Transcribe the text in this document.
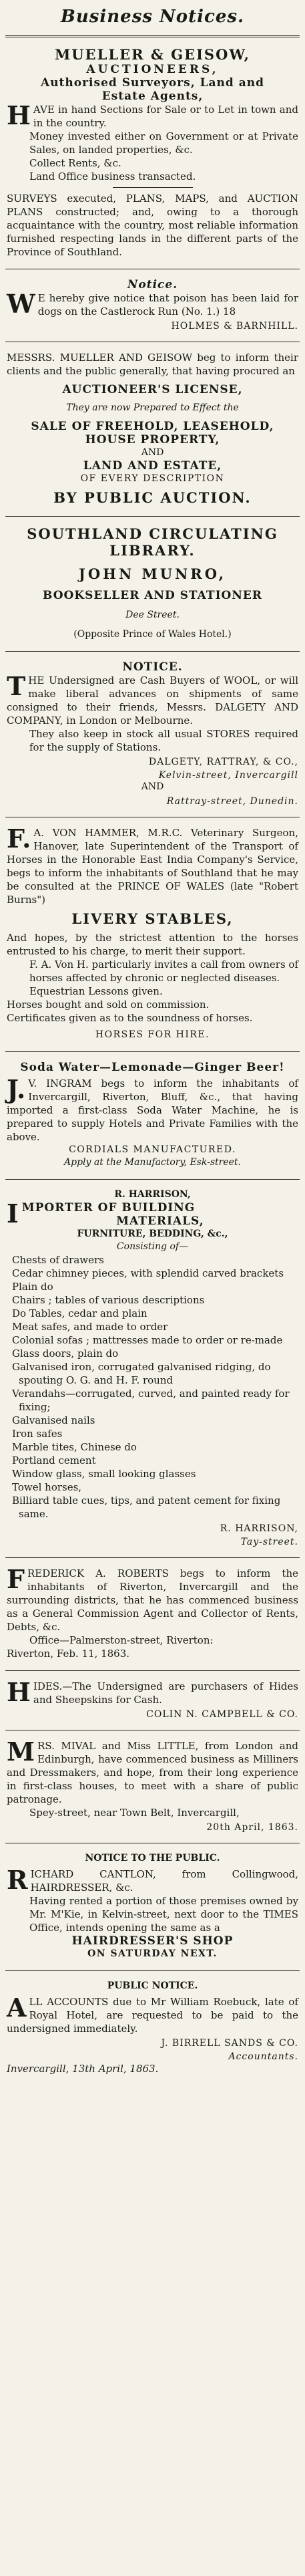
Business Notices.
MUELLER & GEISOW,
AUCTIONEERS,
Authorised Surveyors, Land and
Estate Agents,
H AVE in hand Sections for Sale or to Let in town and in the country.
Money invested either on Government or at Private Sales, on landed properties, &c.
Collect Rents, &c.
Land Office business transacted.
SURVEYS executed, PLANS, MAPS, and AUCTION PLANS constructed; and, owing to a thorough acquaintance with the country, most reliable information furnished respecting lands in the different parts of the Province of Southland.
Notice.
W E hereby give notice that poison has been laid for dogs on the Castlerock Run (No. 1.) 18
HOLMES & BARNHILL.
MESSRS. MUELLER AND GEISOW beg to inform their clients and the public generally, that having procured an
AUCTIONEER'S LICENSE,
They are now Prepared to Effect the
SALE OF FREEHOLD, LEASEHOLD,
HOUSE PROPERTY,
AND
LAND AND ESTATE,
OF EVERY DESCRIPTION
BY PUBLIC AUCTION.
SOUTHLAND CIRCULATING
LIBRARY.
JOHN MUNRO,
BOOKSELLER AND STATIONER
Dee Street.
(Opposite Prince of Wales Hotel.)
NOTICE.
T HE Undersigned are Cash Buyers of WOOL, or will make liberal advances on shipments of same consigned to their friends, Messrs. DALGETY AND COMPANY, in London or Melbourne.
They also keep in stock all usual STORES required for the supply of Stations.
DALGETY, RATTRAY, & CO.,
Kelvin-street, Invercargill
AND
Rattray-street, Dunedin.
F. A. VON HAMMER, M.R.C. Veterinary Surgeon, Hanover, late Superintendent of the Transport of Horses in the Honorable East India Company's Service, begs to inform the inhabitants of Southland that he may be consulted at the PRINCE OF WALES (late "Robert Burns")
LIVERY STABLES,
And hopes, by the strictest attention to the horses entrusted to his charge, to merit their support.
F. A. Von H. particularly invites a call from owners of horses affected by chronic or neglected diseases.
Equestrian Lessons given.
Horses bought and sold on commission.
Certificates given as to the soundness of horses.
HORSES FOR HIRE.
Soda Water—Lemonade—Ginger Beer!
J. V. INGRAM begs to inform the inhabitants of Invercargill, Riverton, Bluff, &c., that having imported a first-class Soda Water Machine, he is prepared to supply Hotels and Private Families with the above.
CORDIALS MANUFACTURED.
Apply at the Manufactory, Esk-street.
R. HARRISON,
I MPORTER OF BUILDING
MATERIALS,
FURNITURE, BEDDING, &c.,
Consisting of—
Chests of drawers
Cedar chimney pieces, with splendid carved brackets
Plain do
Chairs ; tables of various descriptions
Do Tables, cedar and plain
Meat safes, and made to order
Colonial sofas ; mattresses made to order or re-made
Glass doors, plain do
Galvanised iron, corrugated galvanised ridging, do spouting O. G. and H. F. round
Verandahs—corrugated, curved, and painted ready for fixing;
Galvanised nails
Iron safes
Marble tites, Chinese do
Portland cement
Window glass, small looking glasses
Towel horses,
Billiard table cues, tips, and patent cement for fixing same.
R. HARRISON,
Tay-street.
F REDERICK A. ROBERTS begs to inform the inhabitants of Riverton, Invercargill and the surrounding districts, that he has commenced business as a General Commission Agent and Collector of Rents, Debts, &c.
Office—Palmerston-street, Riverton:
Riverton, Feb. 11, 1863.
H IDES.—The Undersigned are purchasers of Hides and Sheepskins for Cash.
COLIN N. CAMPBELL & CO.
M RS. MIVAL and Miss LITTLE, from London and Edinburgh, have commenced business as Milliners and Dressmakers, and hope, from their long experience in first-class houses, to meet with a share of public patronage.
Spey-street, near Town Belt, Invercargill,
20th April, 1863.
NOTICE TO THE PUBLIC.
R ICHARD CANTLON, from Collingwood, HAIRDRESSER, &c.
Having rented a portion of those premises owned by Mr. M'Kie, in Kelvin-street, next door to the TIMES Office, intends opening the same as a
HAIRDRESSER'S SHOP
ON SATURDAY NEXT.
PUBLIC NOTICE.
A LL ACCOUNTS due to Mr William Roebuck, late of Royal Hotel, are requested to be paid to the undersigned immediately.
J. BIRRELL SANDS & CO.
Accountants.
Invercargill, 13th April, 1863.
